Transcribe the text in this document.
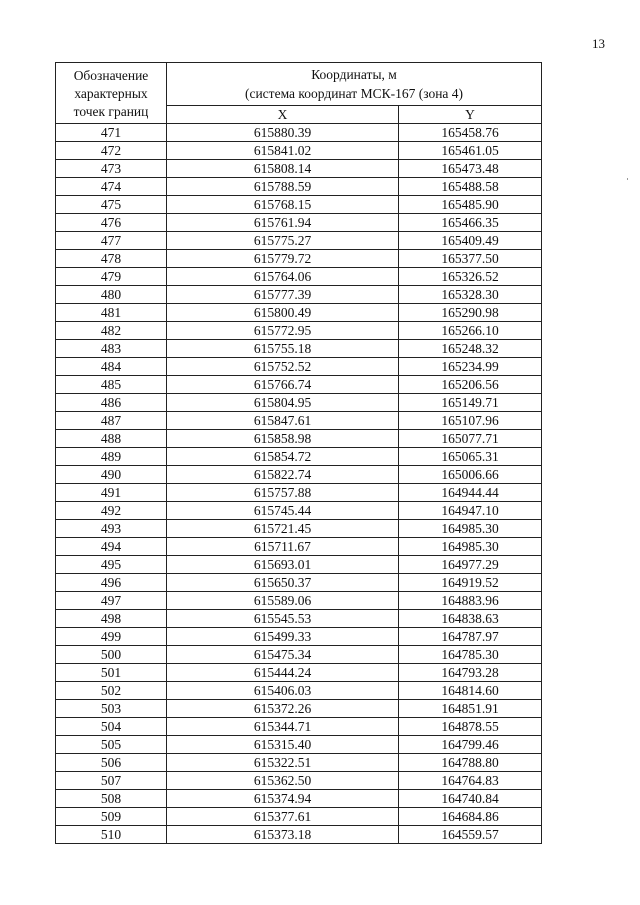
13
Обозначение
характерных
точек границ	Координаты, м
(система координат МСК-167 (зона 4)	

	X	Y
471	615880.39	165458.76
472	615841.02	165461.05
473	615808.14	165473.48
474	615788.59	165488.58
475	615768.15	165485.90
476	615761.94	165466.35
477	615775.27	165409.49
478	615779.72	165377.50
479	615764.06	165326.52
480	615777.39	165328.30
481	615800.49	165290.98
482	615772.95	165266.10
483	615755.18	165248.32
484	615752.52	165234.99
485	615766.74	165206.56
486	615804.95	165149.71
487	615847.61	165107.96
488	615858.98	165077.71
489	615854.72	165065.31
490	615822.74	165006.66
491	615757.88	164944.44
492	615745.44	164947.10
493	615721.45	164985.30
494	615711.67	164985.30
495	615693.01	164977.29
496	615650.37	164919.52
497	615589.06	164883.96
498	615545.53	164838.63
499	615499.33	164787.97
500	615475.34	164785.30
501	615444.24	164793.28
502	615406.03	164814.60
503	615372.26	164851.91
504	615344.71	164878.55
505	615315.40	164799.46
506	615322.51	164788.80
507	615362.50	164764.83
508	615374.94	164740.84
509	615377.61	164684.86
510	615373.18	164559.57
